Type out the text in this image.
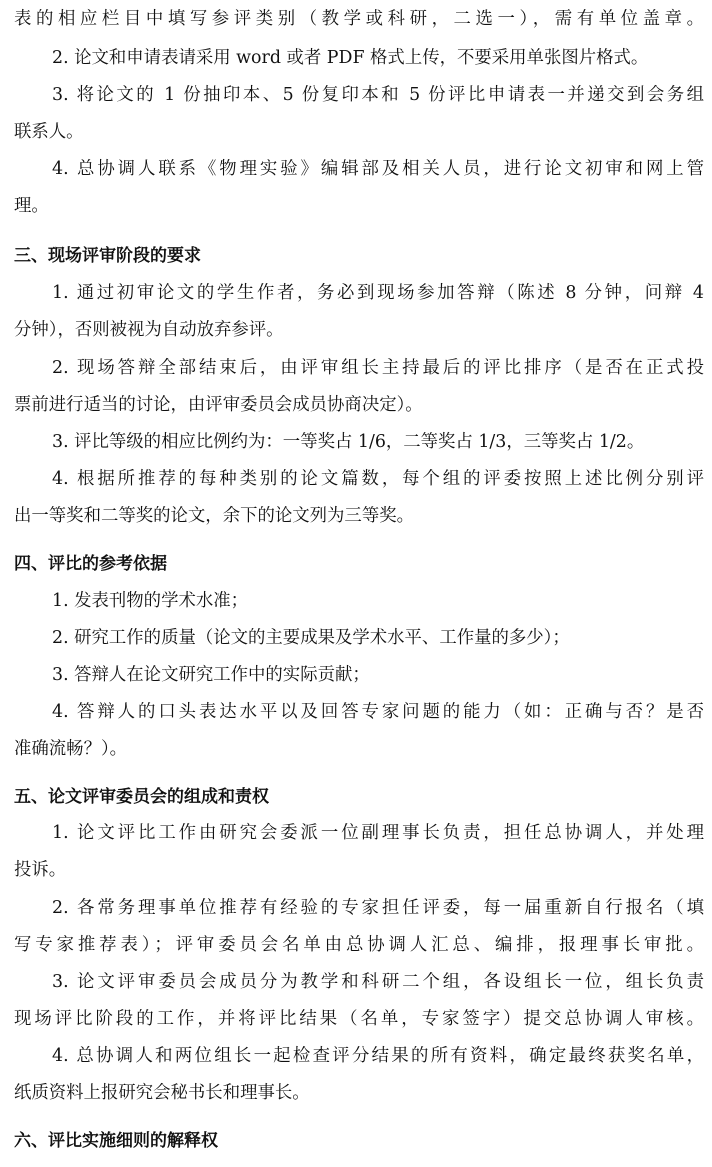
表的相应栏目中填写参评类别（教学或科研，二选一），需有单位盖章。
2. 论文和申请表请采用 word 或者 PDF 格式上传，不要采用单张图片格式。
3. 将论文的 1 份抽印本、5 份复印本和 5 份评比申请表一并递交到会务组
联系人。
4. 总协调人联系《物理实验》编辑部及相关人员，进行论文初审和网上管
理。
三、现场评审阶段的要求
1. 通过初审论文的学生作者，务必到现场参加答辩（陈述 8 分钟，问辩 4
分钟），否则被视为自动放弃参评。
2. 现场答辩全部结束后，由评审组长主持最后的评比排序（是否在正式投
票前进行适当的讨论，由评审委员会成员协商决定）。
3. 评比等级的相应比例约为：一等奖占 1/6，二等奖占 1/3，三等奖占 1/2。
4. 根据所推荐的每种类别的论文篇数，每个组的评委按照上述比例分别评
出一等奖和二等奖的论文，余下的论文列为三等奖。
四、评比的参考依据
1. 发表刊物的学术水准；
2. 研究工作的质量（论文的主要成果及学术水平、工作量的多少）；
3. 答辩人在论文研究工作中的实际贡献；
4. 答辩人的口头表达水平以及回答专家问题的能力（如：正确与否？是否
准确流畅？）。
五、论文评审委员会的组成和责权
1. 论文评比工作由研究会委派一位副理事长负责，担任总协调人，并处理
投诉。
2. 各常务理事单位推荐有经验的专家担任评委，每一届重新自行报名（填
写专家推荐表）；评审委员会名单由总协调人汇总、编排，报理事长审批。
3. 论文评审委员会成员分为教学和科研二个组，各设组长一位，组长负责
现场评比阶段的工作，并将评比结果（名单，专家签字）提交总协调人审核。
4. 总协调人和两位组长一起检查评分结果的所有资料，确定最终获奖名单，
纸质资料上报研究会秘书长和理事长。
六、评比实施细则的解释权
